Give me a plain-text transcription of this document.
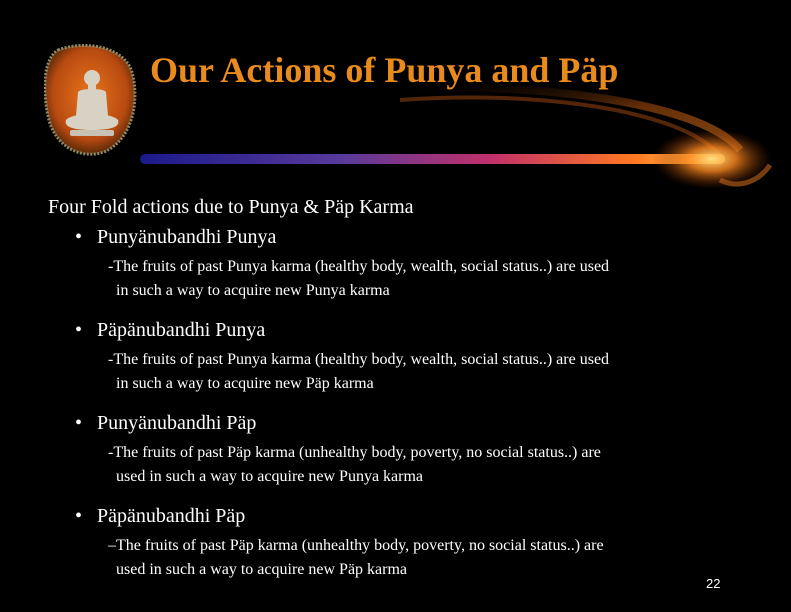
Our Actions of Punya and Päp
Four Fold actions due to Punya & Päp Karma
• Punyänubandhi Punya
-The fruits of past Punya karma (healthy body, wealth, social status..) are used
in such a way to acquire new Punya karma
• Päpänubandhi Punya
-The fruits of past Punya karma (healthy body, wealth, social status..) are used
in such a way to acquire new Päp karma
• Punyänubandhi Päp
-The fruits of past Päp karma (unhealthy body, poverty, no social status..) are
used in such a way to acquire new Punya karma
• Päpänubandhi Päp
–The fruits of past Päp karma (unhealthy body, poverty, no social status..) are
used in such a way to acquire new Päp karma
22
